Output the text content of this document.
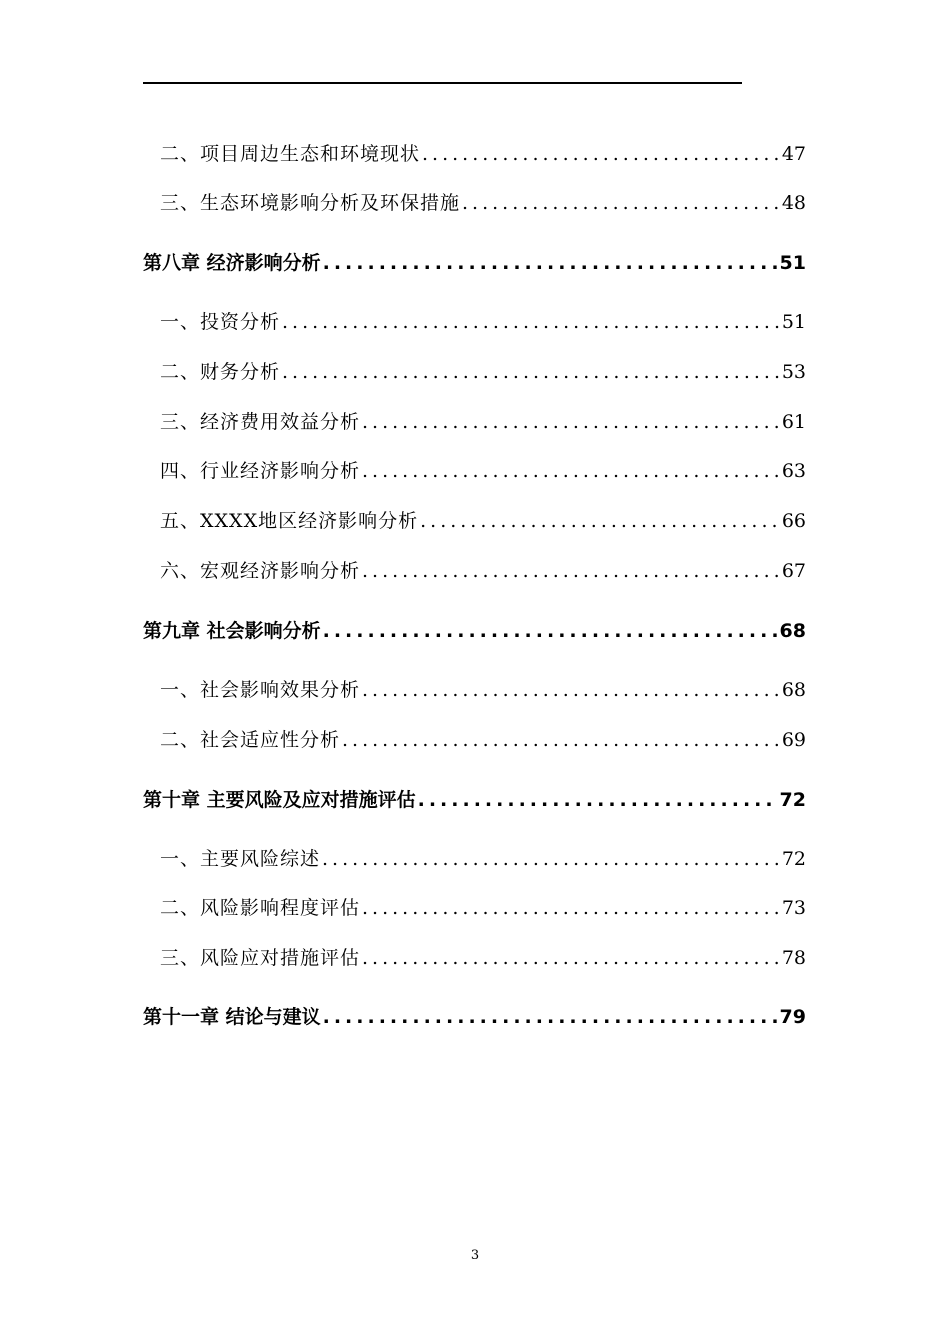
二、项目周边生态和环境现状 .....	47
三、生态环境影响分析及环保措施 .....	48
第八章 经济影响分析 .....	51
一、投资分析 .....	51
二、财务分析 .....	53
三、经济费用效益分析 .....	61
四、行业经济影响分析 .....	63
五、XXXX地区经济影响分析 .....	66
六、宏观经济影响分析 .....	67
第九章 社会影响分析 .....	68
一、社会影响效果分析 .....	68
二、社会适应性分析 .....	69
第十章 主要风险及应对措施评估 .....	72
一、主要风险综述 .....	72
二、风险影响程度评估 .....	73
三、风险应对措施评估 .....	78
第十一章 结论与建议 .....	79
3
